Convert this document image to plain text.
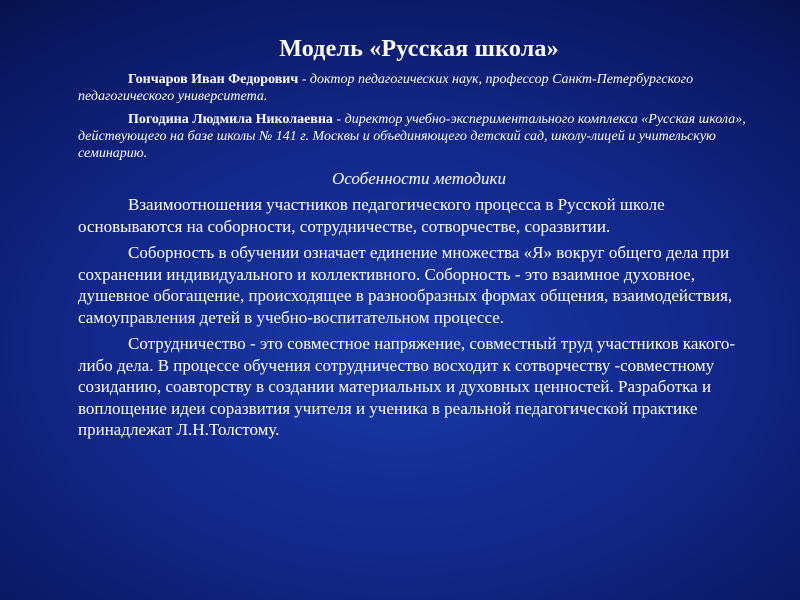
Модель «Русская школа»
Гончаров Иван Федорович - доктор педагогических наук, профессор Санкт-Петербургского педагогического университета.
Погодина Людмила Николаевна - директор учебно-экспериментального комплекса «Русская школа», действующего на базе школы № 141 г. Москвы и объединяющего детский сад, школу-лицей и учительскую семинарию.
Особенности методики

Взаимоотношения участников педагогического процесса в Русской школе основываются на соборности, сотрудничестве, сотворчестве, соразвитии.

Соборность в обучении означает единение множества «Я» вокруг общего дела при сохранении индивидуального и коллективного. Соборность - это взаимное духовное, душевное обогащение, происходящее в разнообразных формах общения, взаимодействия, самоуправления детей в учебно-воспитательном процессе.

Сотрудничество - это совместное напряжение, совместный труд участников какого-либо дела. В процессе обучения сотрудничество восходит к сотворчеству -совместному созиданию, соавторству в создании материальных и духовных ценностей. Разработка и воплощение идеи соразвития учителя и ученика в реальной педагогической практике принадлежат Л.Н.Толстому.
